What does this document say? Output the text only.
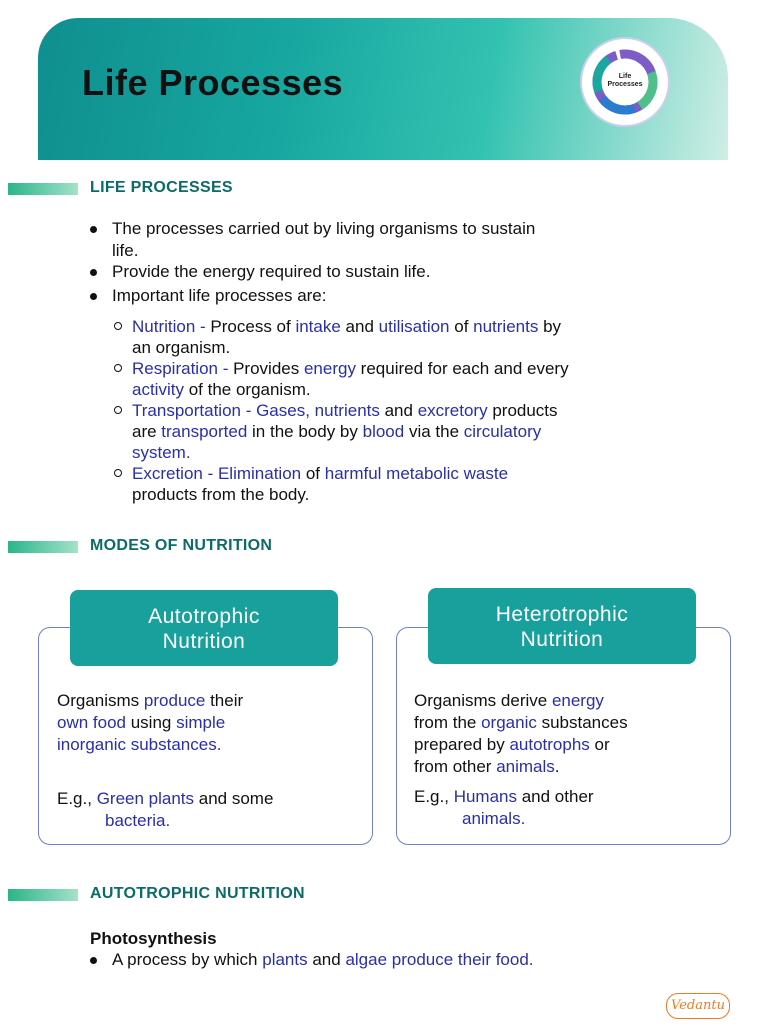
Life Processes	Life
Processes
LIFE PROCESSES
The processes carried out by living organisms to sustain
life.
Provide the energy required to sustain life.
Important life processes are:
Nutrition - Process of intake and utilisation of nutrients by
an organism.
Respiration - Provides energy required for each and every
activity of the organism.
Transportation - Gases, nutrients and excretory products
are transported in the body by blood via the circulatory
system.
Excretion - Elimination of harmful metabolic waste
products from the body.
MODES OF NUTRITION
Autotrophic
Nutrition
Organisms produce their
own food using simple
inorganic substances.
E.g., Green plants and some
bacteria.
Heterotrophic
Nutrition
Organisms derive energy
from the organic substances
prepared by autotrophs or
from other animals.
E.g., Humans and other
animals.
AUTOTROPHIC NUTRITION
Photosynthesis
A process by which plants and algae produce their food.
Vedantu
